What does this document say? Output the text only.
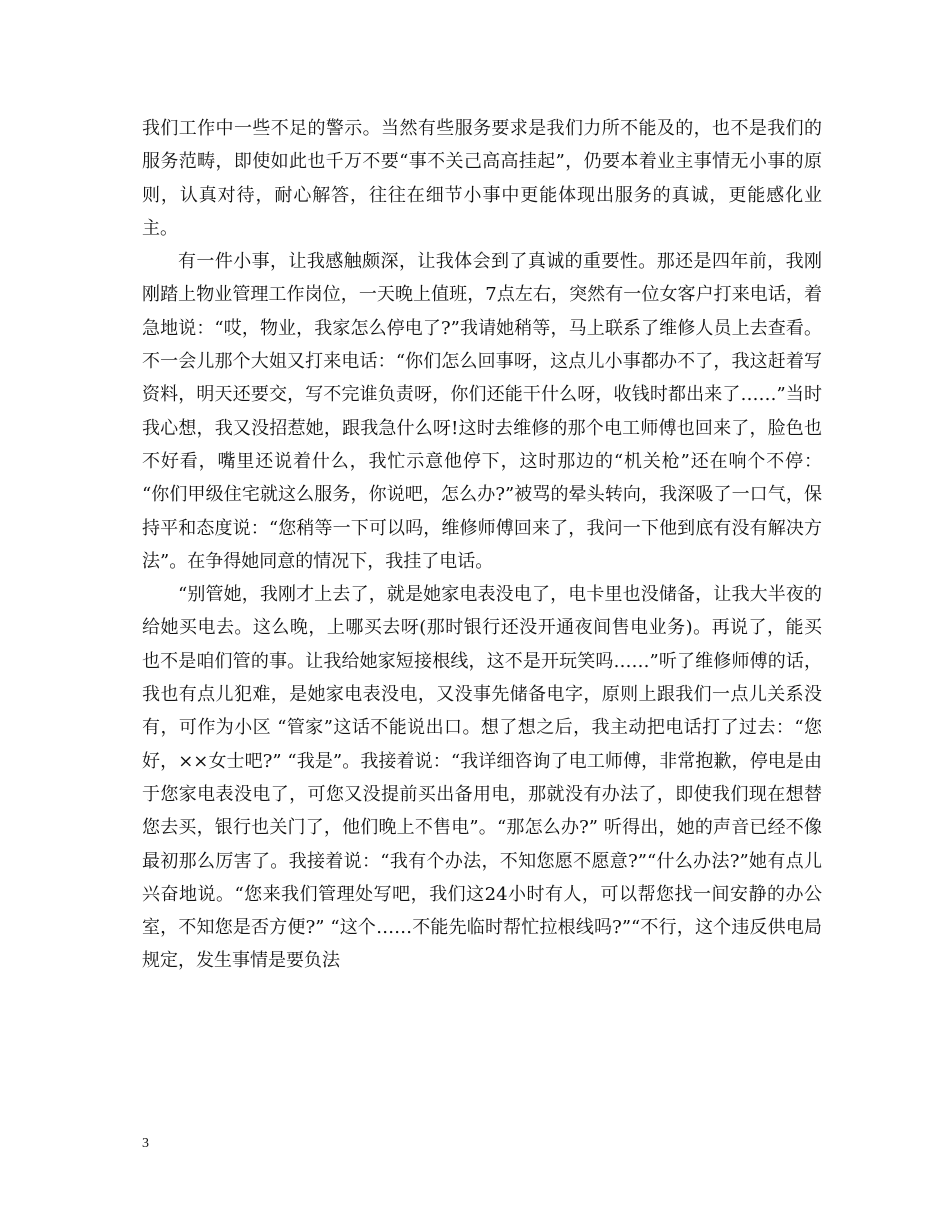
我们工作中一些不足的警示。当然有些服务要求是我们力所不能及的，也不是我们的服务范畴，即使如此也千万不要“事不关己高高挂起”，仍要本着业主事情无小事的原则，认真对待，耐心解答，往往在细节小事中更能体现出服务的真诚，更能感化业主。

有一件小事，让我感触颇深，让我体会到了真诚的重要性。那还是四年前，我刚刚踏上物业管理工作岗位，一天晚上值班，7点左右，突然有一位女客户打来电话，着急地说：“哎，物业，我家怎么停电了?”我请她稍等，马上联系了维修人员上去查看。不一会儿那个大姐又打来电话：“你们怎么回事呀，这点儿小事都办不了，我这赶着写资料，明天还要交，写不完谁负责呀，你们还能干什么呀，收钱时都出来了……”当时我心想，我又没招惹她，跟我急什么呀!这时去维修的那个电工师傅也回来了，脸色也不好看，嘴里还说着什么，我忙示意他停下，这时那边的“机关枪”还在响个不停： “你们甲级住宅就这么服务，你说吧，怎么办?”被骂的晕头转向，我深吸了一口气，保持平和态度说：“您稍等一下可以吗，维修师傅回来了，我问一下他到底有没有解决方法”。在争得她同意的情况下，我挂了电话。

“别管她，我刚才上去了，就是她家电表没电了，电卡里也没储备，让我大半夜的给她买电去。这么晚，上哪买去呀(那时银行还没开通夜间售电业务)。再说了，能买也不是咱们管的事。让我给她家短接根线，这不是开玩笑吗……”听了维修师傅的话，我也有点儿犯难，是她家电表没电，又没事先储备电字，原则上跟我们一点儿关系没有，可作为小区 “管家”这话不能说出口。想了想之后，我主动把电话打了过去：“您好，××女士吧?” “我是”。我接着说：“我详细咨询了电工师傅，非常抱歉，停电是由于您家电表没电了，可您又没提前买出备用电，那就没有办法了，即使我们现在想替您去买，银行也关门了，他们晚上不售电”。“那怎么办?” 听得出，她的声音已经不像最初那么厉害了。我接着说：“我有个办法，不知您愿不愿意?”“什么办法?”她有点儿兴奋地说。“您来我们管理处写吧，我们这24小时有人，可以帮您找一间安静的办公室，不知您是否方便?” “这个……不能先临时帮忙拉根线吗?”“不行，这个违反供电局规定，发生事情是要负法

3
